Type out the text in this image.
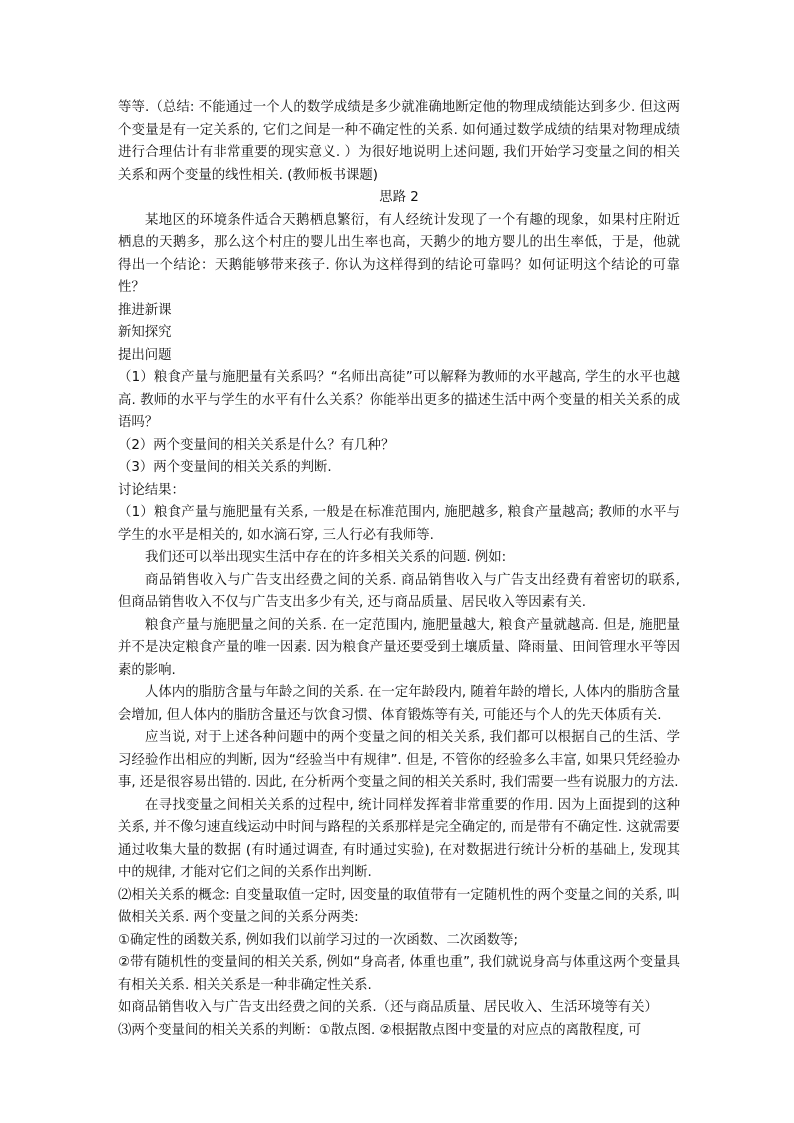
等等.（总结: 不能通过一个人的数学成绩是多少就准确地断定他的物理成绩能达到多少. 但这两个变量是有一定关系的, 它们之间是一种不确定性的关系. 如何通过数学成绩的结果对物理成绩进行合理估计有非常重要的现实意义. ）为很好地说明上述问题, 我们开始学习变量之间的相关关系和两个变量的线性相关. (教师板书课题)

思路 2

某地区的环境条件适合天鹅栖息繁衍，有人经统计发现了一个有趣的现象，如果村庄附近栖息的天鹅多，那么这个村庄的婴儿出生率也高，天鹅少的地方婴儿的出生率低，于是，他就得出一个结论：天鹅能够带来孩子. 你认为这样得到的结论可靠吗？如何证明这个结论的可靠性？

推进新课

新知探究

提出问题

（1）粮食产量与施肥量有关系吗？“名师出高徒”可以解释为教师的水平越高, 学生的水平也越高. 教师的水平与学生的水平有什么关系？你能举出更多的描述生活中两个变量的相关关系的成语吗？

（2）两个变量间的相关关系是什么？有几种？

（3）两个变量间的相关关系的判断.

讨论结果：

（1）粮食产量与施肥量有关系, 一般是在标准范围内, 施肥越多, 粮食产量越高; 教师的水平与学生的水平是相关的, 如水滴石穿, 三人行必有我师等.

我们还可以举出现实生活中存在的许多相关关系的问题. 例如:

商品销售收入与广告支出经费之间的关系. 商品销售收入与广告支出经费有着密切的联系, 但商品销售收入不仅与广告支出多少有关, 还与商品质量、居民收入等因素有关.

粮食产量与施肥量之间的关系. 在一定范围内, 施肥量越大, 粮食产量就越高. 但是, 施肥量并不是决定粮食产量的唯一因素. 因为粮食产量还要受到土壤质量、降雨量、田间管理水平等因素的影响.

人体内的脂肪含量与年龄之间的关系. 在一定年龄段内, 随着年龄的增长, 人体内的脂肪含量会增加, 但人体内的脂肪含量还与饮食习惯、体育锻炼等有关, 可能还与个人的先天体质有关.

应当说, 对于上述各种问题中的两个变量之间的相关关系, 我们都可以根据自己的生活、学习经验作出相应的判断, 因为“经验当中有规律”. 但是, 不管你的经验多么丰富, 如果只凭经验办事, 还是很容易出错的. 因此, 在分析两个变量之间的相关关系时, 我们需要一些有说服力的方法.

在寻找变量之间相关关系的过程中, 统计同样发挥着非常重要的作用. 因为上面提到的这种关系, 并不像匀速直线运动中时间与路程的关系那样是完全确定的, 而是带有不确定性. 这就需要通过收集大量的数据 (有时通过调查, 有时通过实验), 在对数据进行统计分析的基础上, 发现其中的规律, 才能对它们之间的关系作出判断.

⑵相关关系的概念: 自变量取值一定时, 因变量的取值带有一定随机性的两个变量之间的关系, 叫做相关关系. 两个变量之间的关系分两类:

①确定性的函数关系, 例如我们以前学习过的一次函数、二次函数等;

②带有随机性的变量间的相关关系, 例如“身高者, 体重也重”, 我们就说身高与体重这两个变量具有相关关系. 相关关系是一种非确定性关系.

如商品销售收入与广告支出经费之间的关系.（还与商品质量、居民收入、生活环境等有关）

⑶两个变量间的相关关系的判断：①散点图. ②根据散点图中变量的对应点的离散程度, 可
